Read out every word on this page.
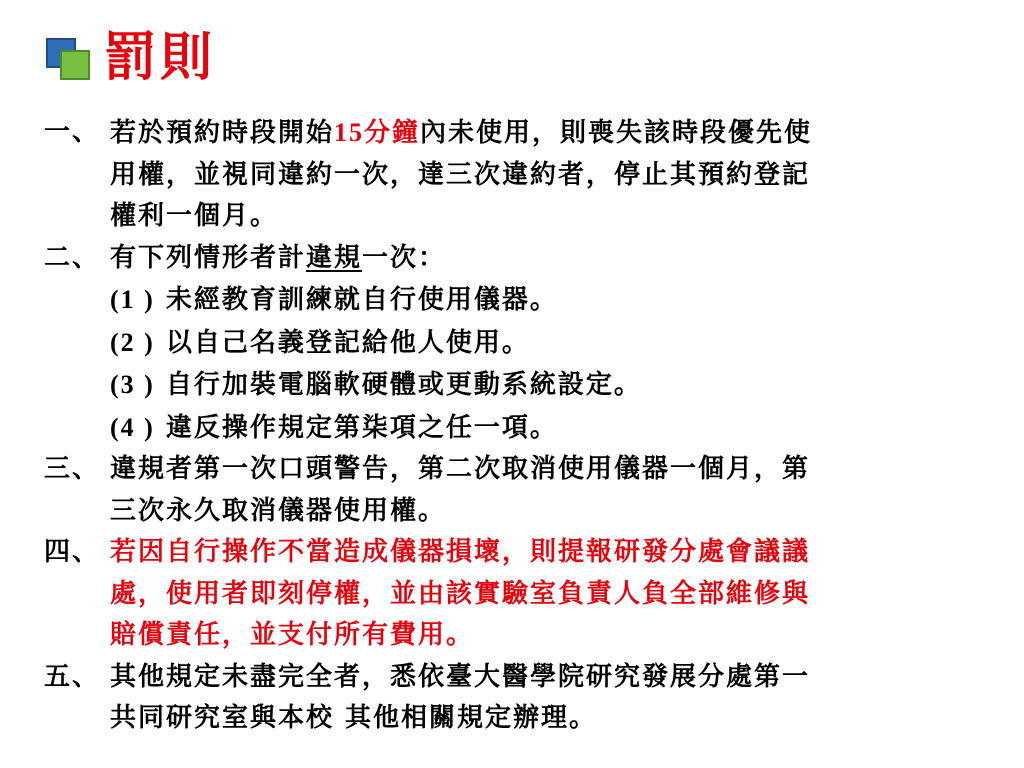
罰則
一、 若於預約時段開始15分鐘內未使用，則喪失該時段優先使
用權，並視同違約一次，達三次違約者，停止其預約登記
權利一個月。
二、 有下列情形者計違規一次：
(1 ) 未經教育訓練就自行使用儀器。
(2 ) 以自己名義登記給他人使用。
(3 ) 自行加裝電腦軟硬體或更動系統設定。
(4 ) 違反操作規定第柒項之任一項。
三、 違規者第一次口頭警告，第二次取消使用儀器一個月，第
三次永久取消儀器使用權。
四、 若因自行操作不當造成儀器損壞，則提報研發分處會議議
處，使用者即刻停權，並由該實驗室負責人負全部維修與
賠償責任，並支付所有費用。
五、 其他規定未盡完全者，悉依臺大醫學院研究發展分處第一
共同研究室與本校 其他相關規定辦理。
